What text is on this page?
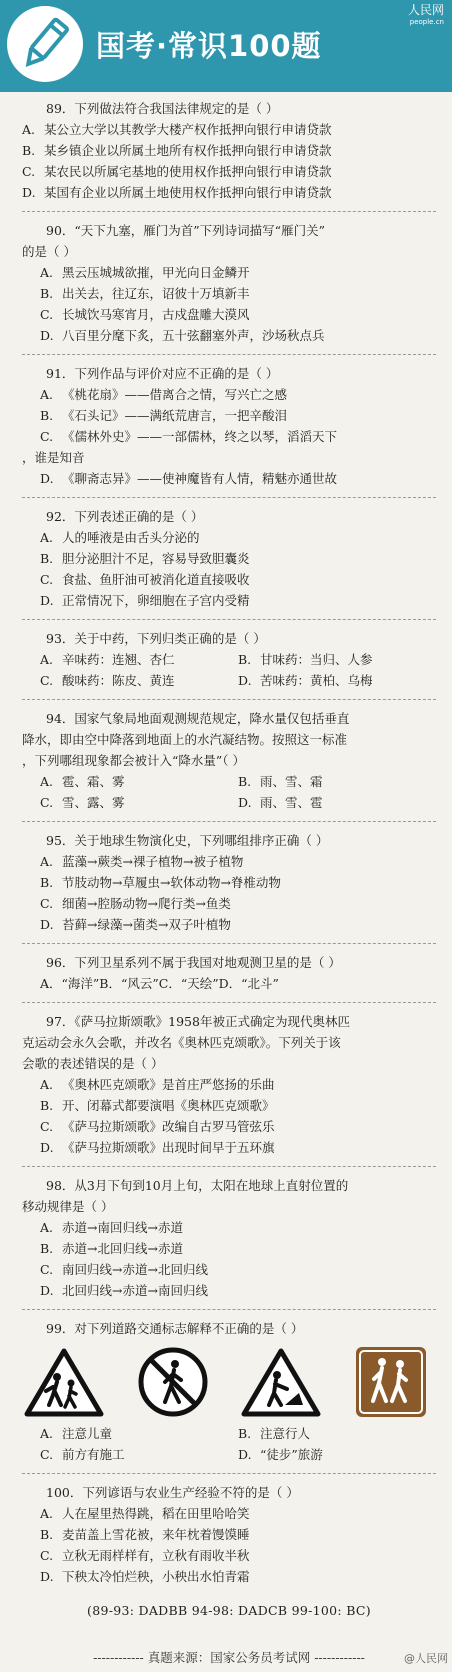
国考·常识100题
人民网
people.cn

89．下列做法符合我国法律规定的是（ ）

A. 某公立大学以其教学大楼产权作抵押向银行申请贷款

B. 某乡镇企业以所属土地所有权作抵押向银行申请贷款

C. 某农民以所属宅基地的使用权作抵押向银行申请贷款

D. 某国有企业以所属土地使用权作抵押向银行申请贷款

90．“天下九塞，雁门为首”下列诗词描写“雁门关”

的是（ ）

A. 黑云压城城欲摧，甲光向日金鳞开

B. 出关去，往辽东，诏彼十万填新丰

C. 长城饮马寒宵月，古戍盘雕大漠风

D. 八百里分麾下炙，五十弦翻塞外声，沙场秋点兵

91．下列作品与评价对应不正确的是（ ）

A. 《桃花扇》——借离合之情，写兴亡之感

B. 《石头记》——满纸荒唐言，一把辛酸泪

C. 《儒林外史》——一部儒林，终之以琴，滔滔天下

，谁是知音

D. 《聊斋志异》——使神魔皆有人情，精魅亦通世故

92．下列表述正确的是（ ）

A. 人的唾液是由舌头分泌的

B. 胆分泌胆汁不足，容易导致胆囊炎

C. 食盐、鱼肝油可被消化道直接吸收

D. 正常情况下，卵细胞在子宫内受精

93．关于中药，下列归类正确的是（ ）

A. 辛味药：连翘、杏仁	B. 甘味药：当归、人参

C. 酸味药：陈皮、黄连	D. 苦味药：黄柏、乌梅

94．国家气象局地面观测规范规定，降水量仅包括垂直

降水，即由空中降落到地面上的水汽凝结物。按照这一标准

，下列哪组现象都会被计入“降水量”（ ）

A. 雹、霜、雾	B. 雨、雪、霜

C. 雪、露、雾	D. 雨、雪、雹

95．关于地球生物演化史，下列哪组排序正确（ ）

A. 蓝藻→蕨类→裸子植物→被子植物

B. 节肢动物→草履虫→软体动物→脊椎动物

C. 细菌→腔肠动物→爬行类→鱼类

D. 苔藓→绿藻→菌类→双子叶植物

96．下列卫星系列不属于我国对地观测卫星的是（ ）

A．“海洋”B．“风云”C．“天绘”D．“北斗”

97．《萨马拉斯颂歌》1958年被正式确定为现代奥林匹

克运动会永久会歌，并改名《奥林匹克颂歌》。下列关于该

会歌的表述错误的是（ ）

A. 《奥林匹克颂歌》是首庄严悠扬的乐曲

B. 开、闭幕式都要演唱《奥林匹克颂歌》

C. 《萨马拉斯颂歌》改编自古罗马管弦乐

D. 《萨马拉斯颂歌》出现时间早于五环旗

98．从3月下旬到10月上旬，太阳在地球上直射位置的

移动规律是（ ）

A. 赤道→南回归线→赤道

B. 赤道→北回归线→赤道

C. 南回归线→赤道→北回归线

D. 北回归线→赤道→南回归线

99．对下列道路交通标志解释不正确的是（ ）

A. 注意儿童	B. 注意行人

C. 前方有施工	D. “徒步”旅游

100．下列谚语与农业生产经验不符的是（ ）

A. 人在屋里热得跳，稻在田里哈哈笑

B. 麦苗盖上雪花被，来年枕着馒馍睡

C. 立秋无雨样样有，立秋有雨收半秋

D. 下秧太冷怕烂秧，小秧出水怕青霜

(89-93: DADBB 94-98: DADCB 99-100: BC)
------------ 真题来源：国家公务员考试网 ------------	@人民网
